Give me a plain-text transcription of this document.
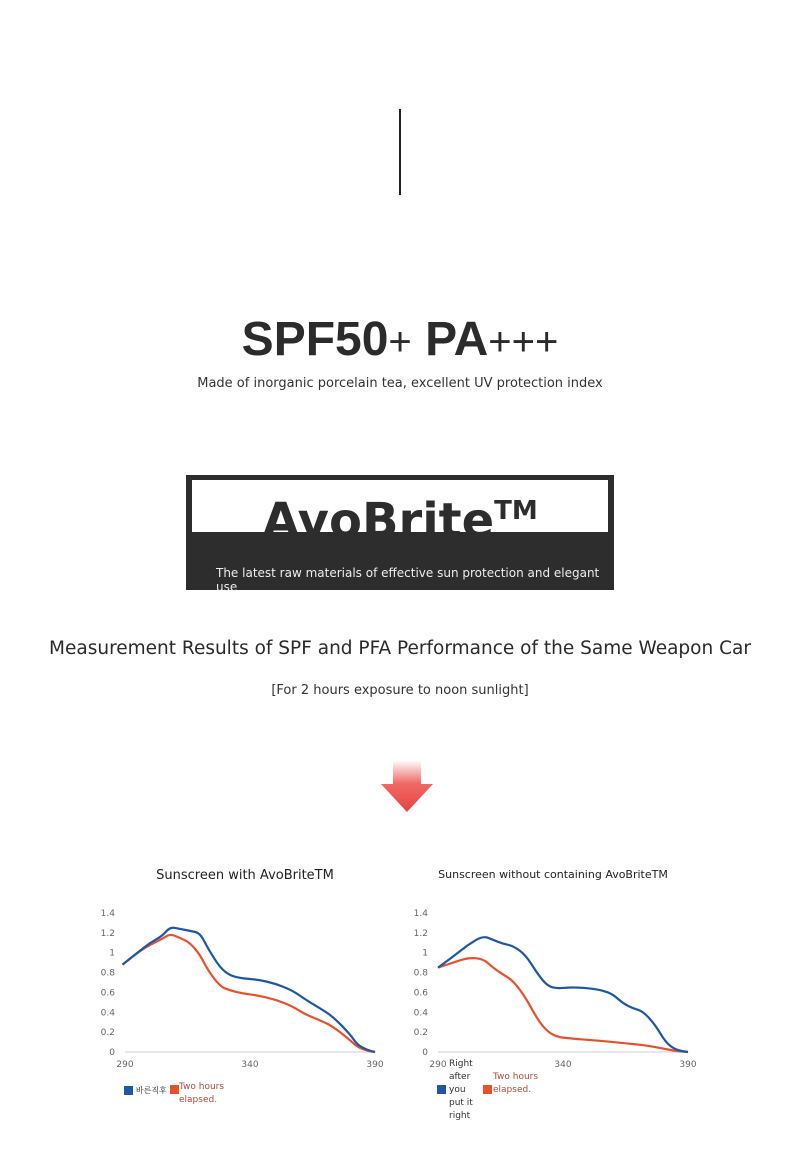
SPF50+ PA+++
Made of inorganic porcelain tea, excellent UV protection index
AvoBrite™
The latest raw materials of effective sun protection and elegant use
Measurement Results of SPF and PFA Performance of the Same Weapon Car
[For 2 hours exposure to noon sunlight]
Sunscreen with AvoBriteTM
1.4
1.2
1
0.8
0.6
0.4
0.2
0
290	340	390
바른직후 Two hours elapsed.
Sunscreen without containing AvoBriteTM
1.4
1.2
1
0.8
0.6
0.4
0.2
0
290	340	390
Right after you put it right
Two hours elapsed.
